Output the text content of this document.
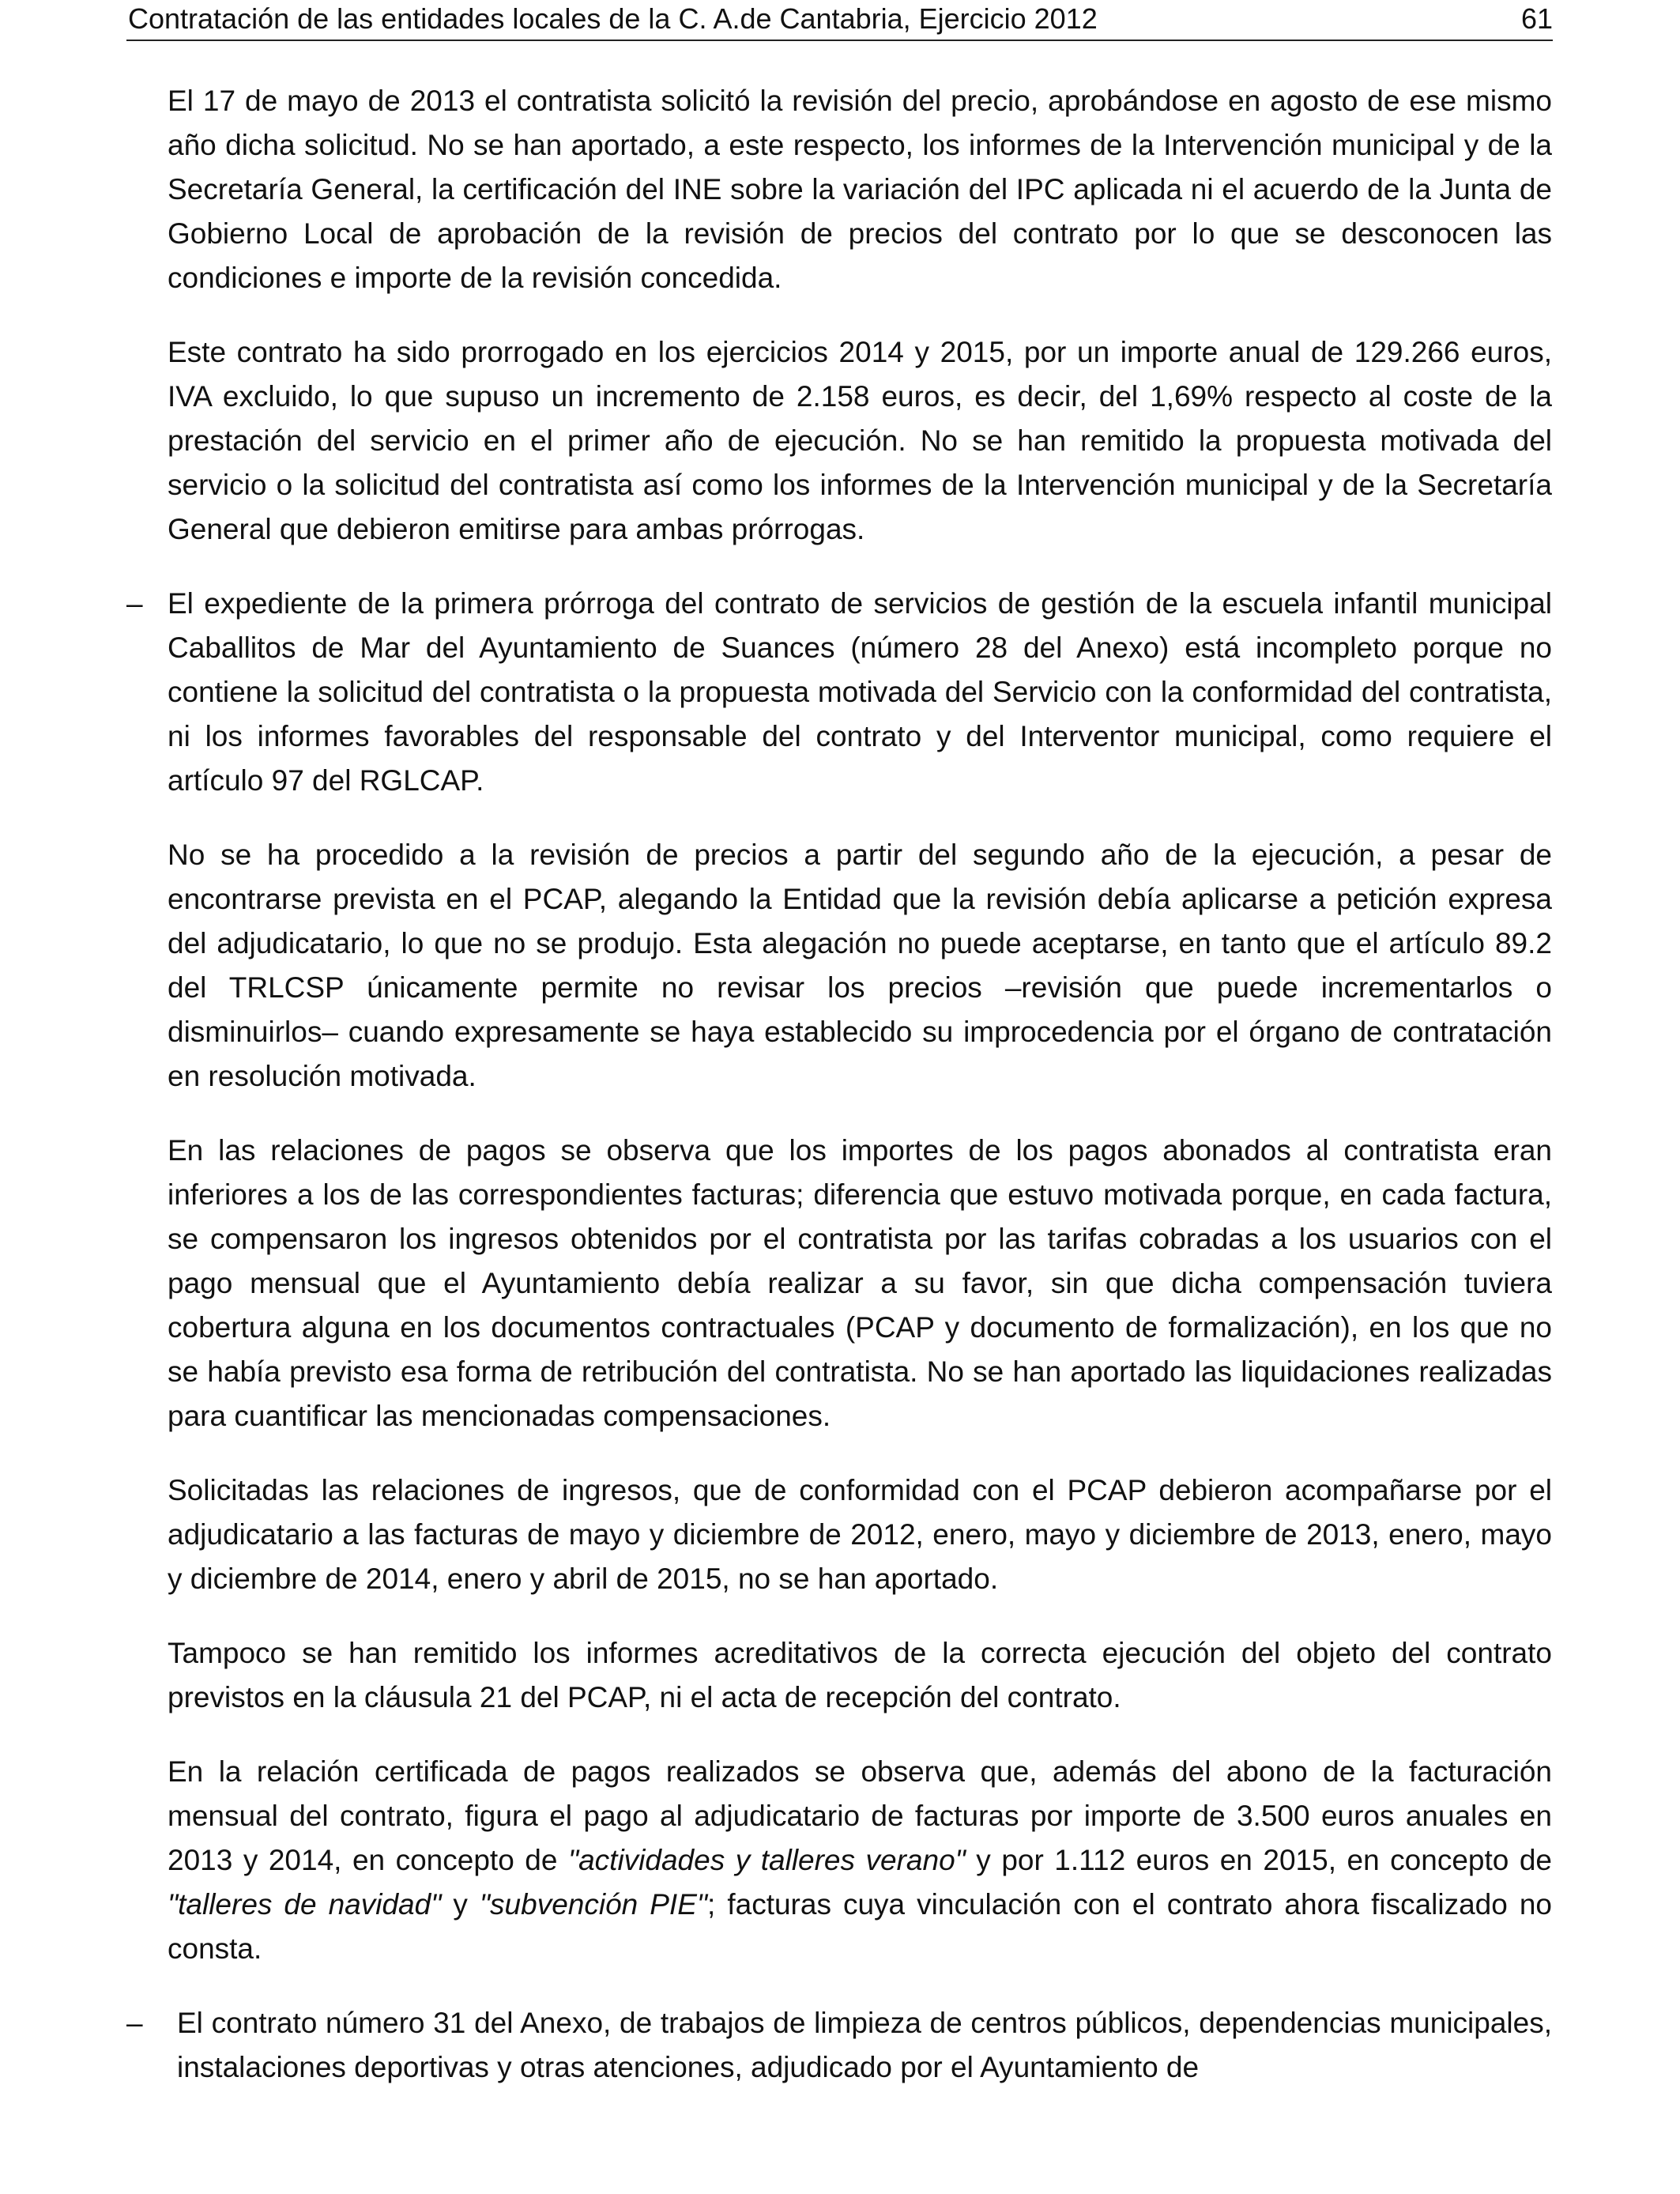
Contratación de las entidades locales de la C. A.de Cantabria, Ejercicio 2012	61

El 17 de mayo de 2013 el contratista solicitó la revisión del precio, aprobándose en agosto de ese mismo año dicha solicitud. No se han aportado, a este respecto, los informes de la Intervención municipal y de la Secretaría General, la certificación del INE sobre la variación del IPC aplicada ni el acuerdo de la Junta de Gobierno Local de aprobación de la revisión de precios del contrato por lo que se desconocen las condiciones e importe de la revisión concedida.

Este contrato ha sido prorrogado en los ejercicios 2014 y 2015, por un importe anual de 129.266 euros, IVA excluido, lo que supuso un incremento de 2.158 euros, es decir, del 1,69% respecto al coste de la prestación del servicio en el primer año de ejecución. No se han remitido la propuesta motivada del servicio o la solicitud del contratista así como los informes de la Intervención municipal y de la Secretaría General que debieron emitirse para ambas prórrogas.

– El expediente de la primera prórroga del contrato de servicios de gestión de la escuela infantil municipal Caballitos de Mar del Ayuntamiento de Suances (número 28 del Anexo) está incompleto porque no contiene la solicitud del contratista o la propuesta motivada del Servicio con la conformidad del contratista, ni los informes favorables del responsable del contrato y del Interventor municipal, como requiere el artículo 97 del RGLCAP.

No se ha procedido a la revisión de precios a partir del segundo año de la ejecución, a pesar de encontrarse prevista en el PCAP, alegando la Entidad que la revisión debía aplicarse a petición expresa del adjudicatario, lo que no se produjo. Esta alegación no puede aceptarse, en tanto que el artículo 89.2 del TRLCSP únicamente permite no revisar los precios –revisión que puede incrementarlos o disminuirlos– cuando expresamente se haya establecido su improcedencia por el órgano de contratación en resolución motivada.

En las relaciones de pagos se observa que los importes de los pagos abonados al contratista eran inferiores a los de las correspondientes facturas; diferencia que estuvo motivada porque, en cada factura, se compensaron los ingresos obtenidos por el contratista por las tarifas cobradas a los usuarios con el pago mensual que el Ayuntamiento debía realizar a su favor, sin que dicha compensación tuviera cobertura alguna en los documentos contractuales (PCAP y documento de formalización), en los que no se había previsto esa forma de retribución del contratista. No se han aportado las liquidaciones realizadas para cuantificar las mencionadas compensaciones.

Solicitadas las relaciones de ingresos, que de conformidad con el PCAP debieron acompañarse por el adjudicatario a las facturas de mayo y diciembre de 2012, enero, mayo y diciembre de 2013, enero, mayo y diciembre de 2014, enero y abril de 2015, no se han aportado.

Tampoco se han remitido los informes acreditativos de la correcta ejecución del objeto del contrato previstos en la cláusula 21 del PCAP, ni el acta de recepción del contrato.

En la relación certificada de pagos realizados se observa que, además del abono de la facturación mensual del contrato, figura el pago al adjudicatario de facturas por importe de 3.500 euros anuales en 2013 y 2014, en concepto de "actividades y talleres verano" y por 1.112 euros en 2015, en concepto de "talleres de navidad" y "subvención PIE"; facturas cuya vinculación con el contrato ahora fiscalizado no consta.

– El contrato número 31 del Anexo, de trabajos de limpieza de centros públicos, dependencias municipales, instalaciones deportivas y otras atenciones, adjudicado por el Ayuntamiento de
